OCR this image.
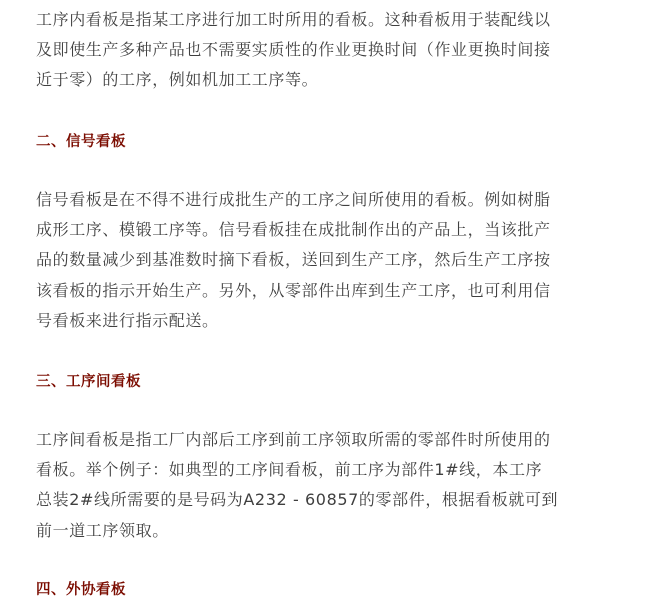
工序内看板是指某工序进行加工时所用的看板。这种看板用于装配线以
及即使生产多种产品也不需要实质性的作业更换时间（作业更换时间接
近于零）的工序，例如机加工工序等。

二、信号看板

信号看板是在不得不进行成批生产的工序之间所使用的看板。例如树脂
成形工序、模锻工序等。信号看板挂在成批制作出的产品上，当该批产
品的数量减少到基准数时摘下看板，送回到生产工序，然后生产工序按
该看板的指示开始生产。另外，从零部件出库到生产工序，也可利用信
号看板来进行指示配送。

三、工序间看板

工序间看板是指工厂内部后工序到前工序领取所需的零部件时所使用的
看板。举个例子：如典型的工序间看板，前工序为部件1#线，本工序
总装2#线所需要的是号码为A232 - 60857的零部件，根据看板就可到
前一道工序领取。

四、外协看板
